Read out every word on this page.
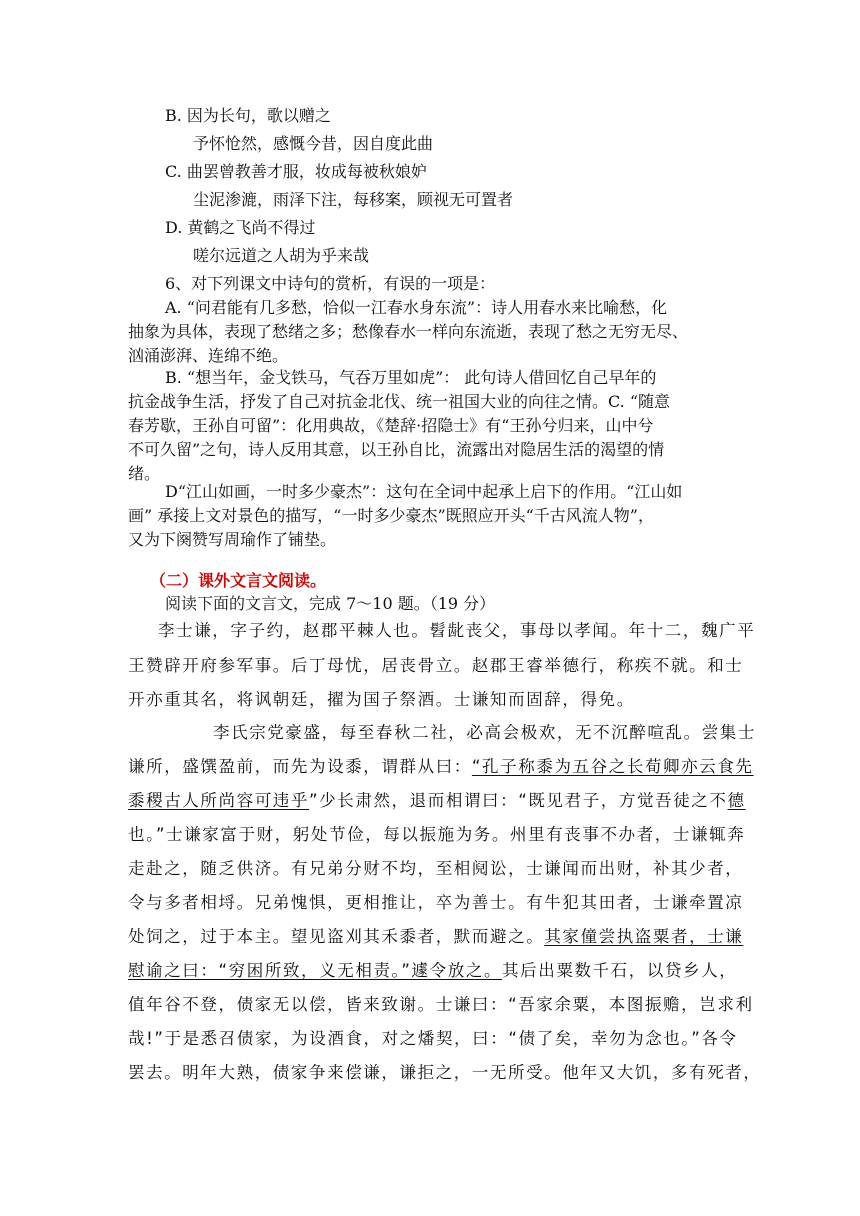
B. 因为长句，歌以赠之
予怀怆然，感慨今昔，因自度此曲
C. 曲罢曾教善才服，妆成每被秋娘妒
尘泥渗漉，雨泽下注，每移案，顾视无可置者
D. 黄鹤之飞尚不得过
嗟尔远道之人胡为乎来哉
6、对下列课文中诗句的赏析，有误的一项是：
A. “问君能有几多愁，恰似一江春水身东流”：诗人用春水来比喻愁，化
抽象为具体，表现了愁绪之多；愁像春水一样向东流逝，表现了愁之无穷无尽、
汹涌澎湃、连绵不绝。
B. “想当年，金戈铁马，气吞万里如虎”： 此句诗人借回忆自己早年的
抗金战争生活，抒发了自己对抗金北伐、统一祖国大业的向往之情。C. “随意
春芳歇，王孙自可留”：化用典故，《楚辞·招隐士》有“王孙兮归来，山中兮
不可久留”之句，诗人反用其意，以王孙自比，流露出对隐居生活的渴望的情
绪。
D“江山如画，一时多少豪杰”：这句在全词中起承上启下的作用。“江山如
画” 承接上文对景色的描写，“一时多少豪杰”既照应开头“千古风流人物”，
又为下阕赞写周瑜作了铺垫。
（二）课外文言文阅读。
阅读下面的文言文，完成 7～10 题。（19 分）
李士谦，字子约，赵郡平棘人也。髫龀丧父，事母以孝闻。年十二，魏广平
王赞辟开府参军事。后丁母忧，居丧骨立。赵郡王睿举德行，称疾不就。和士
开亦重其名，将讽朝廷，擢为国子祭酒。士谦知而固辞，得免。
李氏宗党豪盛，每至春秋二社，必高会极欢，无不沉醉喧乱。尝集士
谦所，盛馔盈前，而先为设黍，谓群从曰：“孔子称黍为五谷之长荀卿亦云食先
黍稷古人所尚容可违乎”少长肃然，退而相谓曰：“既见君子，方觉吾徒之不德
也。”士谦家富于财，躬处节俭，每以振施为务。州里有丧事不办者，士谦辄奔
走赴之，随乏供济。有兄弟分财不均，至相阋讼，士谦闻而出财，补其少者，
令与多者相埒。兄弟愧惧，更相推让，卒为善士。有牛犯其田者，士谦牵置凉
处饲之，过于本主。望见盗刈其禾黍者，默而避之。其家僮尝执盗粟者，士谦
慰谕之曰：“穷困所致，义无相责。”遽令放之。其后出粟数千石，以贷乡人，
值年谷不登，债家无以偿，皆来致谢。士谦曰：“吾家余粟，本图振赡，岂求利
哉!”于是悉召债家，为设酒食，对之燔契，曰：“债了矣，幸勿为念也。”各令
罢去。明年大熟，债家争来偿谦，谦拒之，一无所受。他年又大饥，多有死者，
